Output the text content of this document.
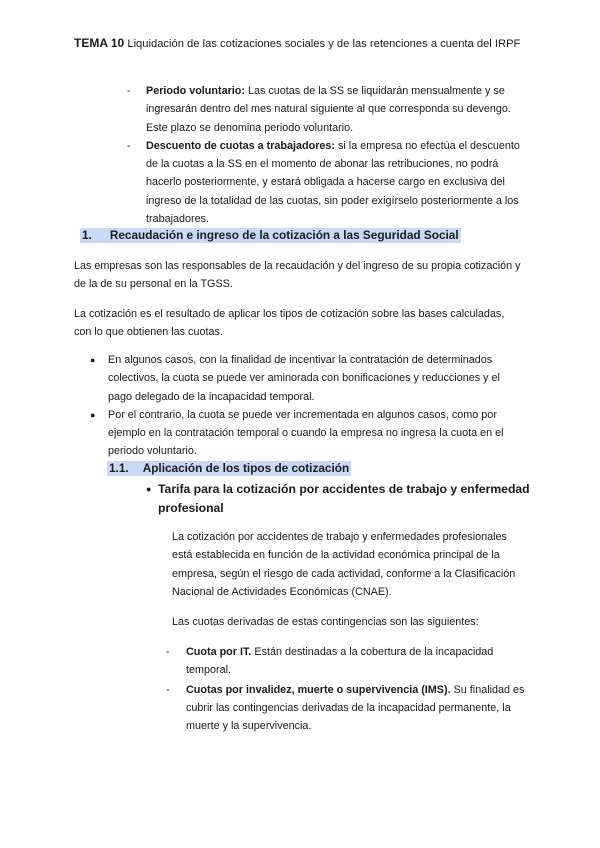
TEMA 10 Liquidación de las cotizaciones sociales y de las retenciones a cuenta del IRPF
- Periodo voluntario: Las cuotas de la SS se liquidarán mensualmente y se ingresarán dentro del mes natural siguiente al que corresponda su devengo. Este plazo se denomina periodo voluntario.
- Descuento de cuotas a trabajadores: si la empresa no efectúa el descuento de la cuotas a la SS en el momento de abonar las retribuciones, no podrá hacerlo posteriormente, y estará obligada a hacerse cargo en exclusiva del ingreso de la totalidad de las cuotas, sin poder exigírselo posteriormente a los trabajadores.
1. Recaudación e ingreso de la cotización a las Seguridad Social

Las empresas son las responsables de la recaudación y del ingreso de su propia cotización y de la de su personal en la TGSS.

La cotización es el resultado de aplicar los tipos de cotización sobre las bases calculadas, con lo que obtienen las cuotas.

● En algunos casos, con la finalidad de incentivar la contratación de determinados colectivos, la cuota se puede ver aminorada con bonificaciones y reducciones y el pago delegado de la incapacidad temporal.
● Por el contrario, la cuota se puede ver incrementada en algunos casos, como por ejemplo en la contratación temporal o cuando la empresa no ingresa la cuota en el periodo voluntario.
1.1. Aplicación de los tipos de cotización
● Tarifa para la cotización por accidentes de trabajo y enfermedad profesional

La cotización por accidentes de trabajo y enfermedades profesionales está establecida en función de la actividad económica principal de la empresa, según el riesgo de cada actividad, conforme a la Clasificación Nacional de Actividades Económicas (CNAE).

Las cuotas derivadas de estas contingencias son las siguientes:

- Cuota por IT. Están destinadas a la cobertura de la incapacidad temporal.
- Cuotas por invalidez, muerte o supervivencia (IMS). Su finalidad es cubrir las contingencias derivadas de la incapacidad permanente, la muerte y la supervivencia.
